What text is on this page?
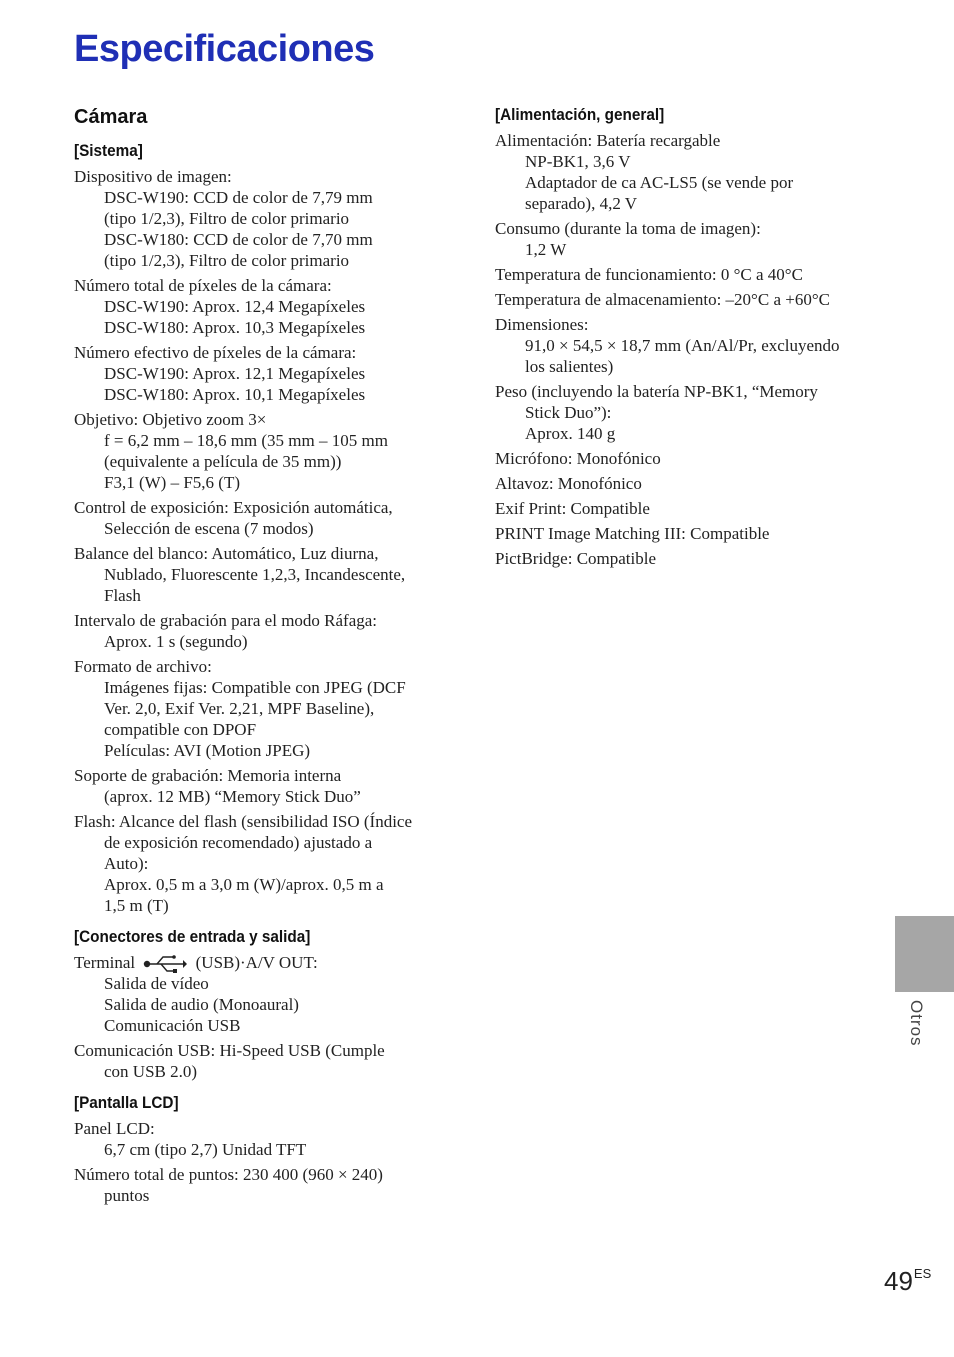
Especificaciones
Cámara
[Sistema]
Dispositivo de imagen:
DSC-W190: CCD de color de 7,79 mm
(tipo 1/2,3), Filtro de color primario
DSC-W180: CCD de color de 7,70 mm
(tipo 1/2,3), Filtro de color primario
Número total de píxeles de la cámara:
DSC-W190: Aprox. 12,4 Megapíxeles
DSC-W180: Aprox. 10,3 Megapíxeles
Número efectivo de píxeles de la cámara:
DSC-W190: Aprox. 12,1 Megapíxeles
DSC-W180: Aprox. 10,1 Megapíxeles
Objetivo: Objetivo zoom 3×
f = 6,2 mm – 18,6 mm (35 mm – 105 mm
(equivalente a película de 35 mm))
F3,1 (W) – F5,6 (T)
Control de exposición: Exposición automática,
Selección de escena (7 modos)
Balance del blanco: Automático, Luz diurna,
Nublado, Fluorescente 1,2,3, Incandescente,
Flash
Intervalo de grabación para el modo Ráfaga:
Aprox. 1 s (segundo)
Formato de archivo:
Imágenes fijas: Compatible con JPEG (DCF
Ver. 2,0, Exif Ver. 2,21, MPF Baseline),
compatible con DPOF
Películas: AVI (Motion JPEG)
Soporte de grabación: Memoria interna
(aprox. 12 MB) “Memory Stick Duo”
Flash: Alcance del flash (sensibilidad ISO (Índice
de exposición recomendado) ajustado a
Auto):
Aprox. 0,5 m a 3,0 m (W)/aprox. 0,5 m a
1,5 m (T)
[Conectores de entrada y salida]
Terminal	(USB)·A/V OUT:
Salida de vídeo
Salida de audio (Monoaural)
Comunicación USB
Comunicación USB: Hi-Speed USB (Cumple
con USB 2.0)
[Pantalla LCD]
Panel LCD:
6,7 cm (tipo 2,7) Unidad TFT
Número total de puntos: 230 400 (960 × 240)
puntos
[Alimentación, general]
Alimentación: Batería recargable
NP-BK1, 3,6 V
Adaptador de ca AC-LS5 (se vende por
separado), 4,2 V
Consumo (durante la toma de imagen):
1,2 W
Temperatura de funcionamiento: 0 °C a 40°C
Temperatura de almacenamiento: –20°C a +60°C
Dimensiones:
91,0 × 54,5 × 18,7 mm (An/Al/Pr, excluyendo
los salientes)
Peso (incluyendo la batería NP-BK1, “Memory
Stick Duo”):
Aprox. 140 g
Micrófono: Monofónico
Altavoz: Monofónico
Exif Print: Compatible
PRINT Image Matching III: Compatible
PictBridge: Compatible
Otros
$49^{ES}$
